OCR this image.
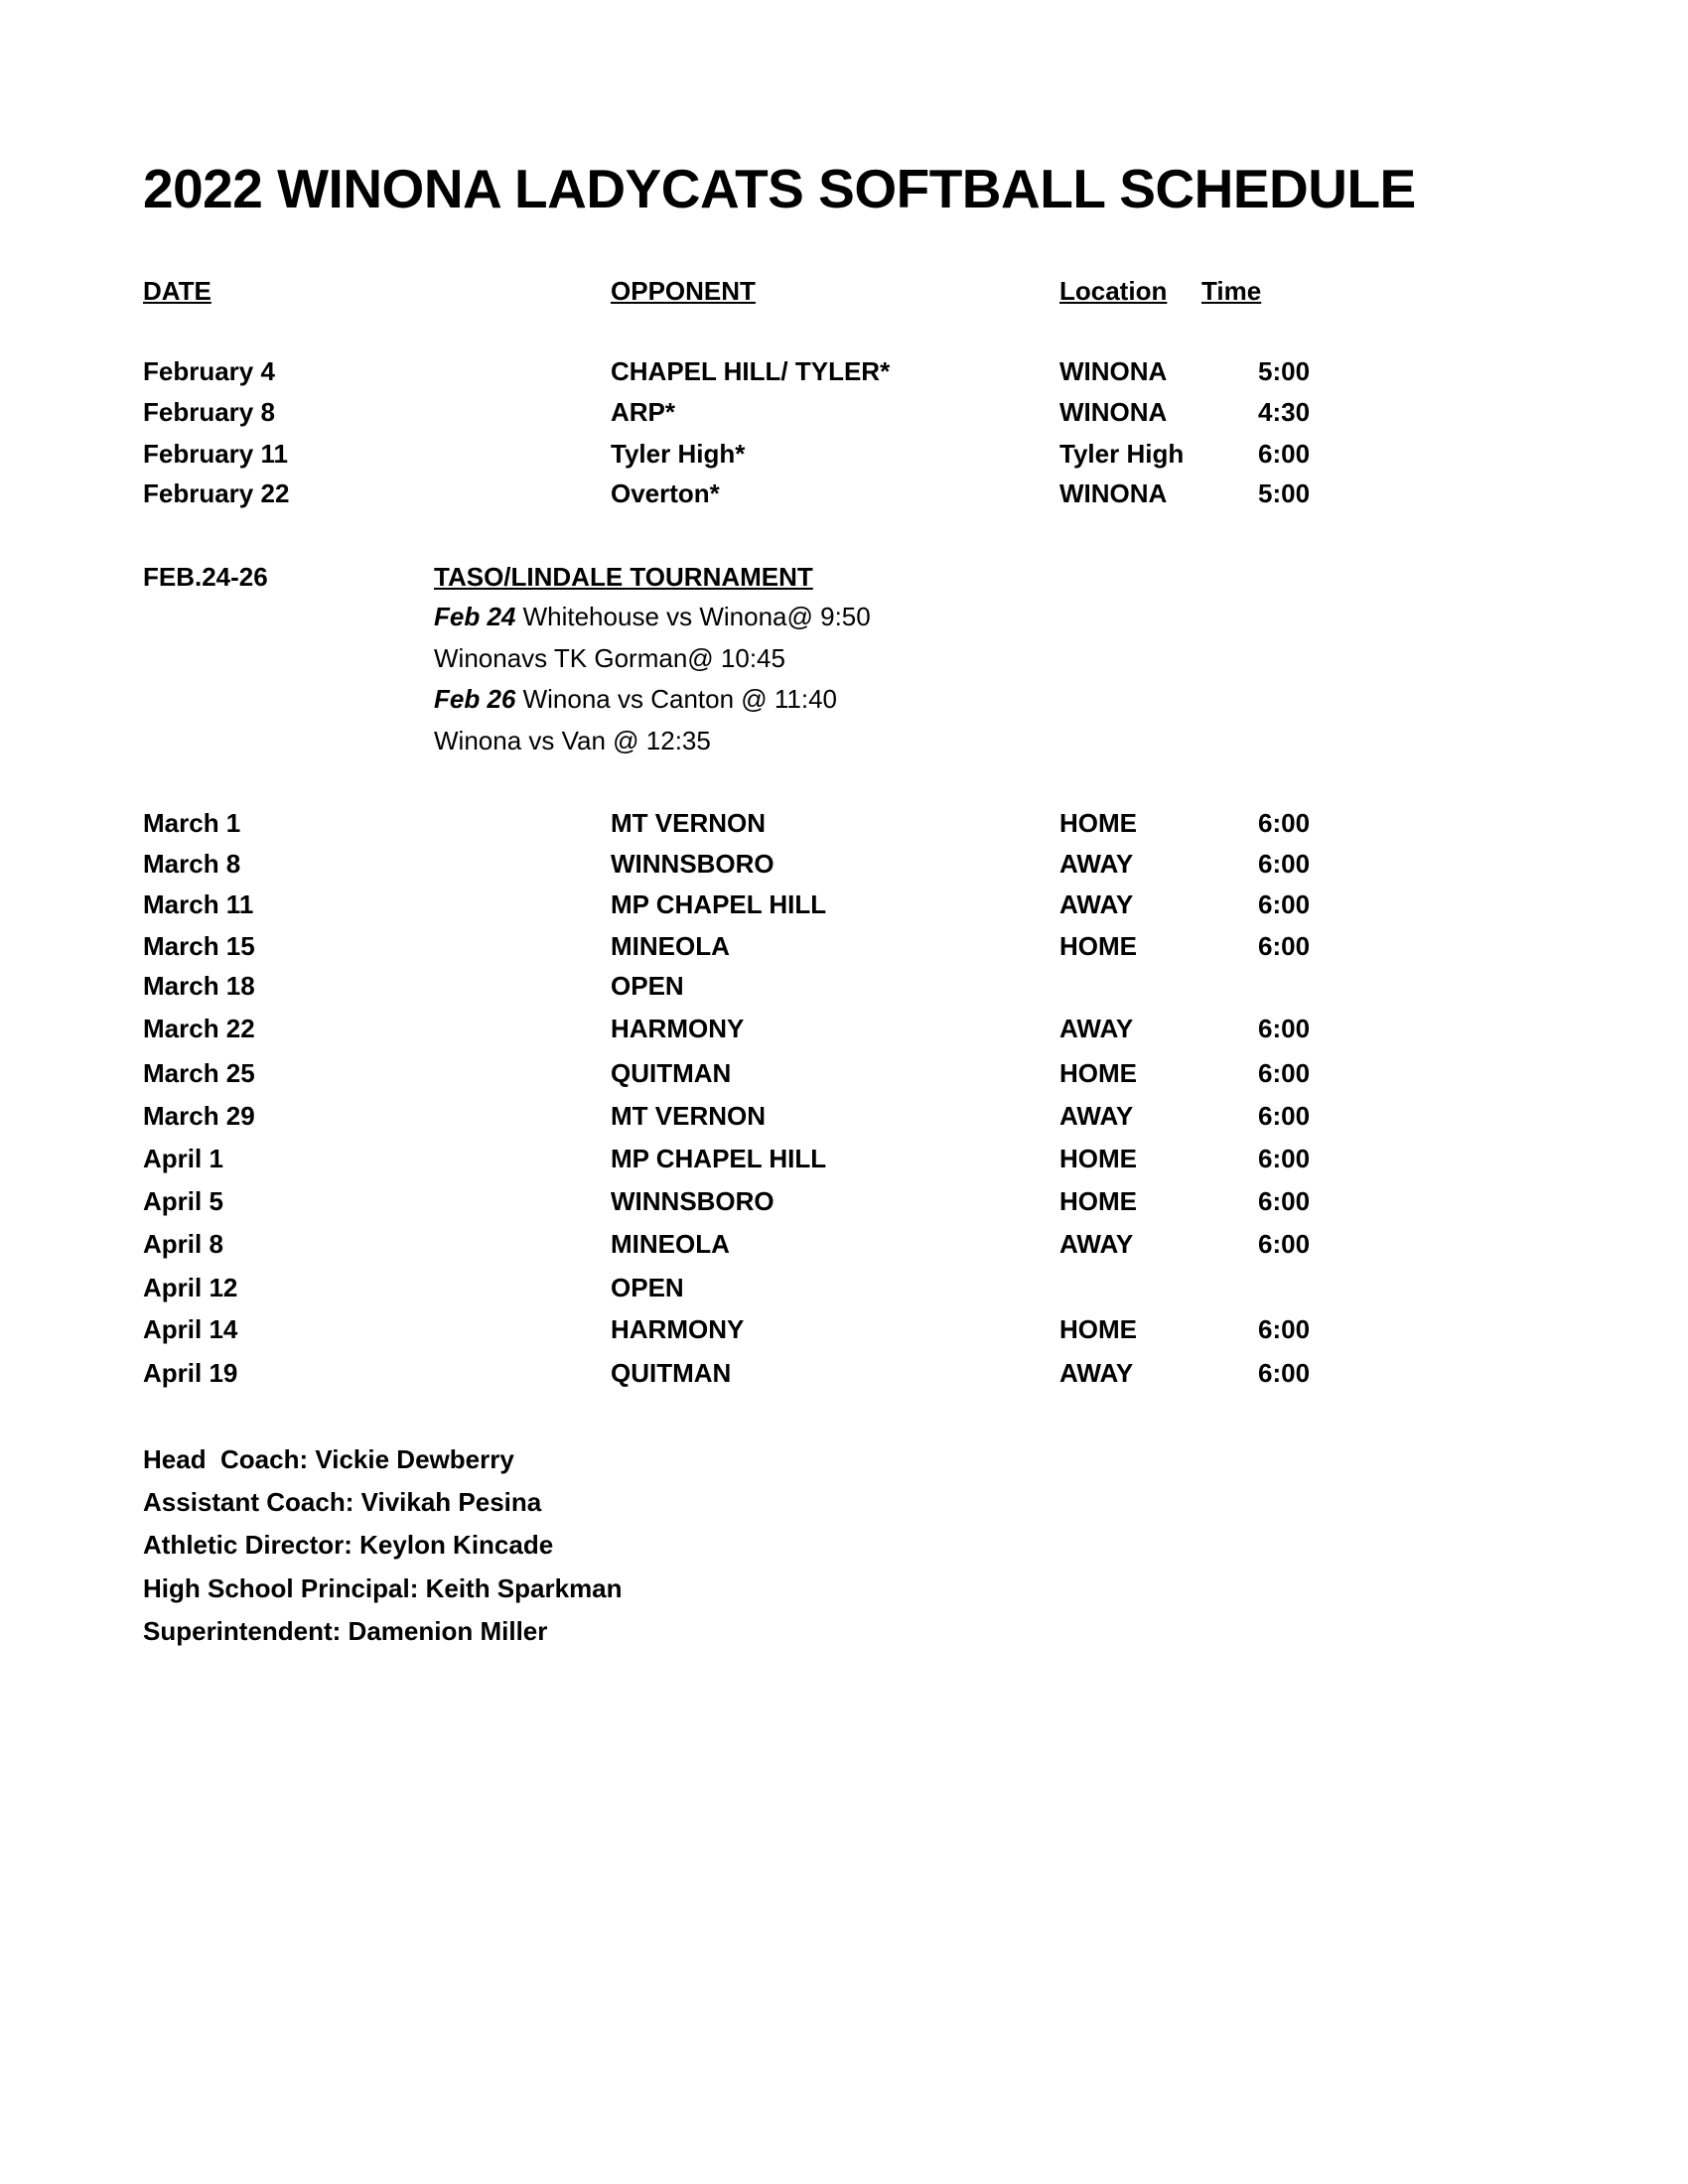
2022 WINONA LADYCATS SOFTBALL SCHEDULE
DATE	OPPONENT	Location Time
February 4	CHAPEL HILL/ TYLER*	WINONA	5:00
February 8	ARP*	WINONA	4:30
February 11	Tyler High*	Tyler High	6:00
February 22	Overton*	WINONA	5:00
FEB.24-26	TASO/LINDALE TOURNAMENT
Feb 24 Whitehouse vs Winona@ 9:50
Winonavs TK Gorman@ 10:45
Feb 26 Winona vs Canton @ 11:40
Winona vs Van @ 12:35
March 1	MT VERNON	HOME	6:00
March 8	WINNSBORO	AWAY	6:00
March 11	MP CHAPEL HILL	AWAY	6:00
March 15	MINEOLA	HOME	6:00
March 18	OPEN
March 22	HARMONY	AWAY	6:00
March 25	QUITMAN	HOME	6:00
March 29	MT VERNON	AWAY	6:00
April 1	MP CHAPEL HILL	HOME	6:00
April 5	WINNSBORO	HOME	6:00
April 8	MINEOLA	AWAY	6:00
April 12	OPEN
April 14	HARMONY	HOME	6:00
April 19	QUITMAN	AWAY	6:00
Head  Coach: Vickie Dewberry
Assistant Coach: Vivikah Pesina
Athletic Director: Keylon Kincade
High School Principal: Keith Sparkman
Superintendent: Damenion Miller
